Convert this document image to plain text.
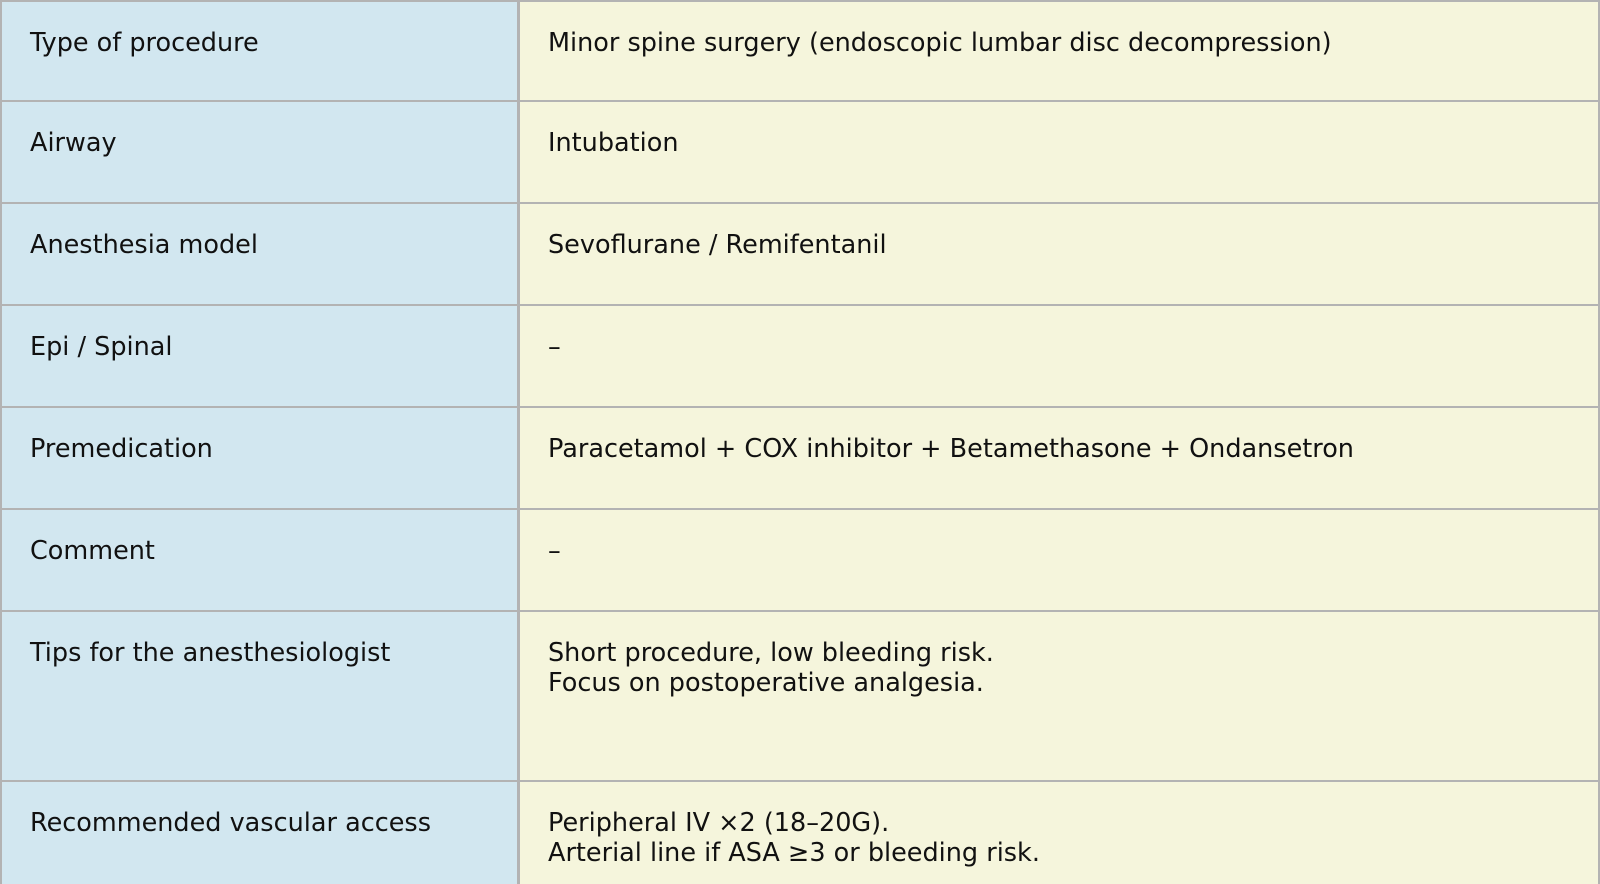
Type of procedure	Minor spine surgery (endoscopic lumbar disc decompression)
Airway	Intubation
Anesthesia model	Sevoflurane / Remifentanil
Epi / Spinal	–
Premedication	Paracetamol + COX inhibitor + Betamethasone + Ondansetron
Comment	–
Tips for the anesthesiologist	Short procedure, low bleeding risk.
Focus on postoperative analgesia.
Recommended vascular access	Peripheral IV ×2 (18–20G).
Arterial line if ASA ≥3 or bleeding risk.
